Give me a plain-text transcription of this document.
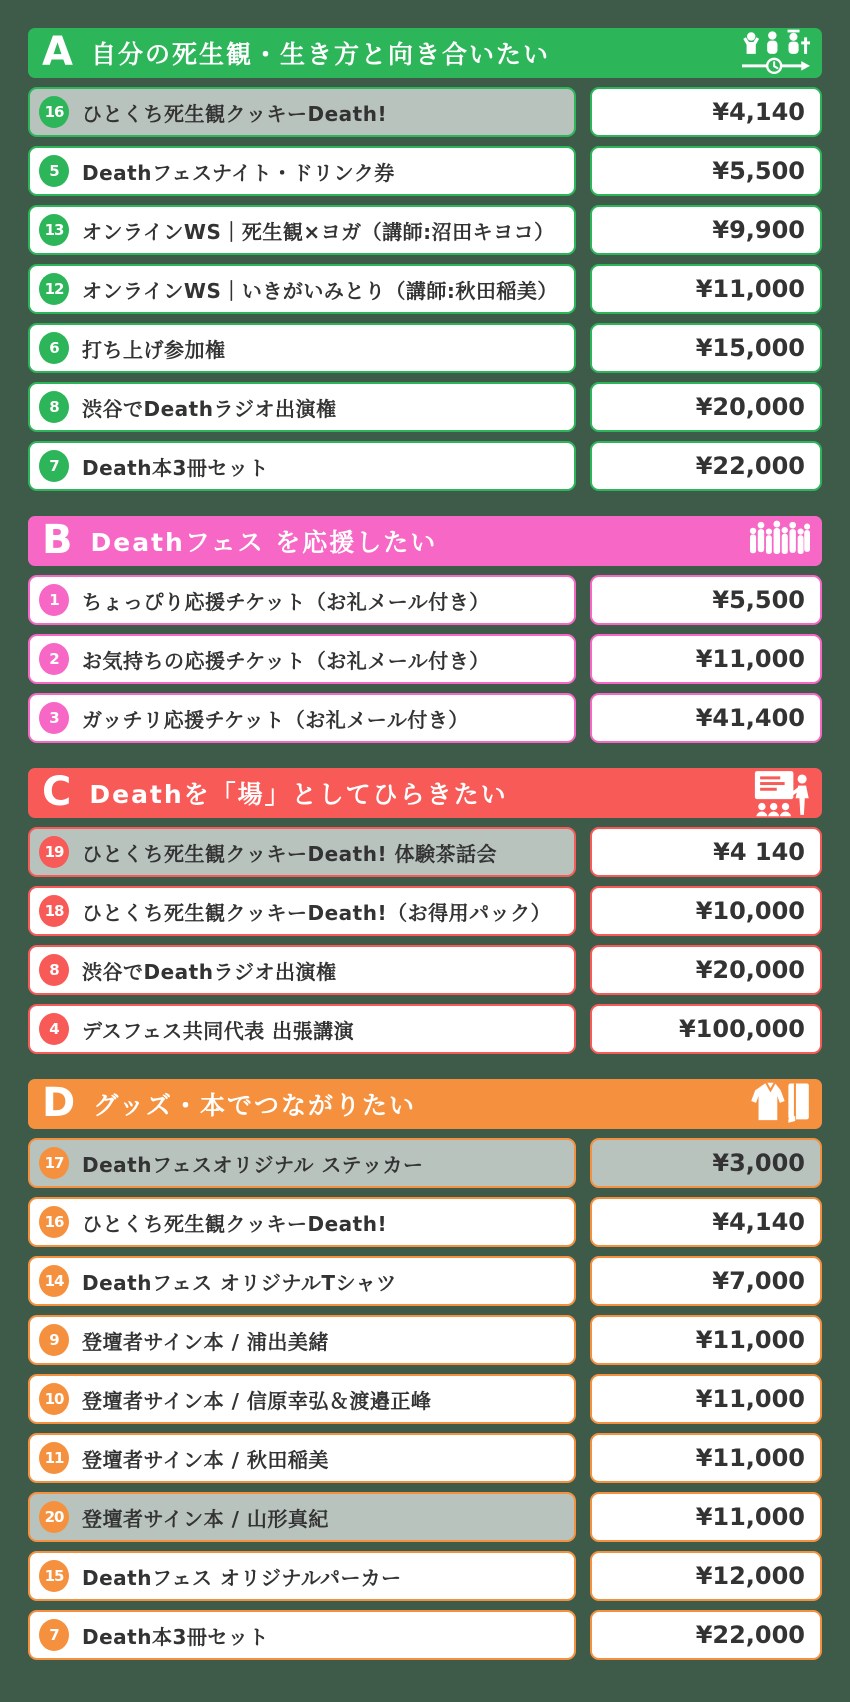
A 自分の死生観・生き方と向き合いたい
16 ひとくち死生観クッキーDeath!	¥4,140
5	Deathフェスナイト・ドリンク券	¥5,500
13 オンラインWS｜死生観×ヨガ（講師:沼田キヨコ）	¥9,900
12 オンラインWS｜いきがいみとり（講師:秋田稲美）	¥11,000
6	打ち上げ参加権	¥15,000
8	渋谷でDeathラジオ出演権	¥20,000
7	Death本3冊セット	¥22,000
B Deathフェス を応援したい
1	ちょっぴり応援チケット（お礼メール付き）	¥5,500
2	お気持ちの応援チケット（お礼メール付き）	¥11,000
3	ガッチリ応援チケット（お礼メール付き）	¥41,400
C Deathを「場」としてひらきたい
19 ひとくち死生観クッキーDeath! 体験茶話会	¥4 140
18 ひとくち死生観クッキーDeath!（お得用パック）	¥10,000
8	渋谷でDeathラジオ出演権	¥20,000
4	デスフェス共同代表 出張講演	¥100,000
D グッズ・本でつながりたい
17 Deathフェスオリジナル ステッカー	¥3,000
16 ひとくち死生観クッキーDeath!	¥4,140
14 Deathフェス オリジナルTシャツ	¥7,000
9	登壇者サイン本 / 浦出美緒	¥11,000
10 登壇者サイン本 / 信原幸弘＆渡邉正峰	¥11,000
11 登壇者サイン本 / 秋田稲美	¥11,000
20 登壇者サイン本 / 山形真紀	¥11,000
15 Deathフェス オリジナルパーカー	¥12,000
7	Death本3冊セット	¥22,000
